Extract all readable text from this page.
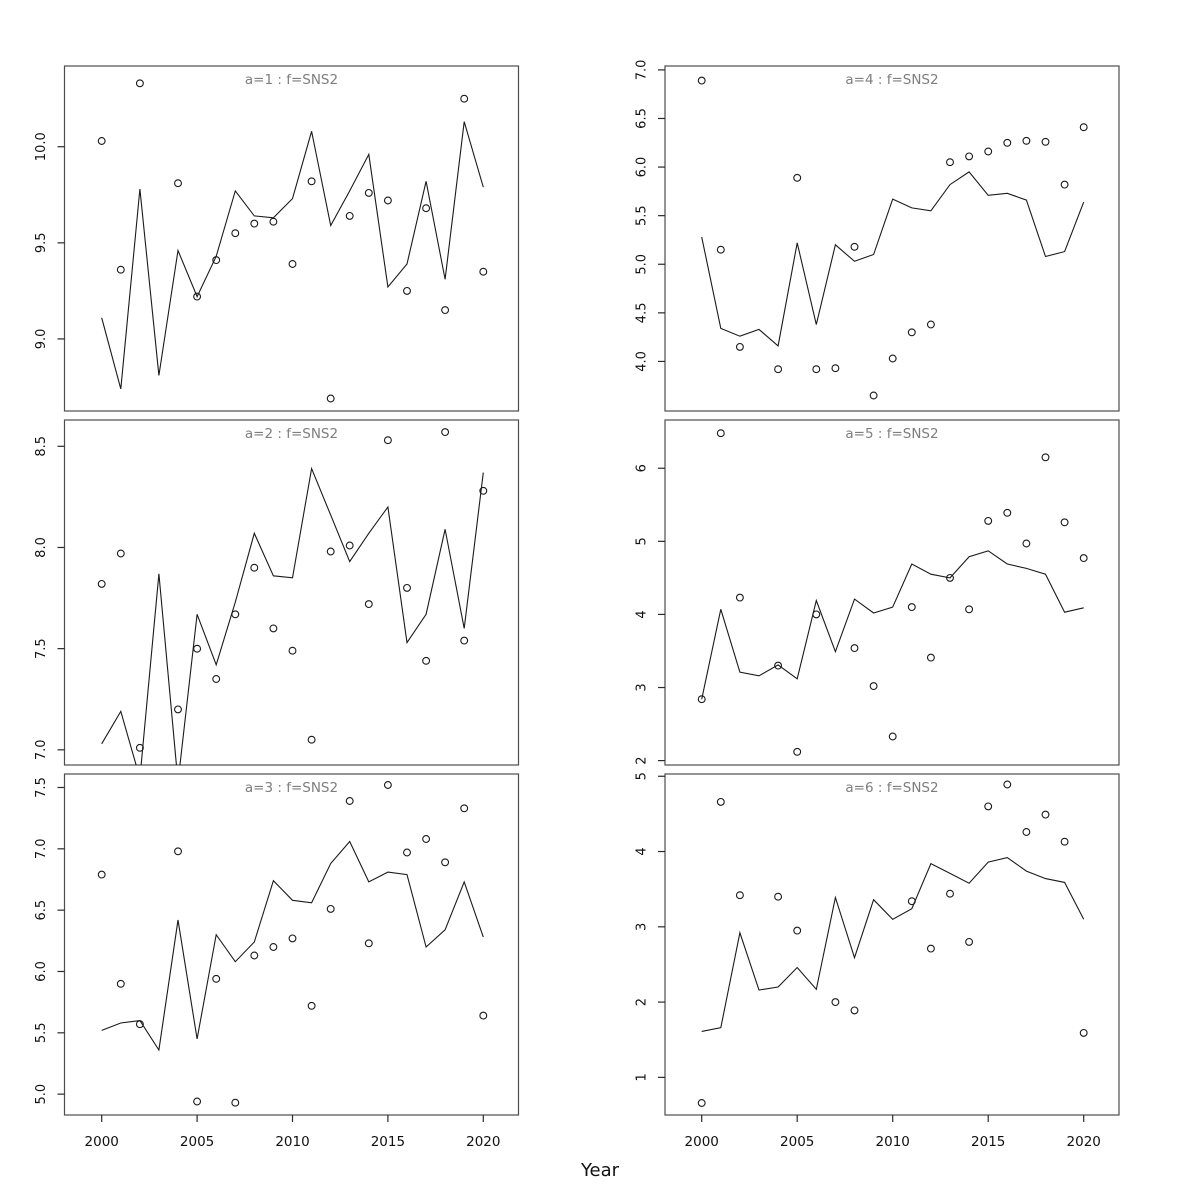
a=1 : f=SNS2
9.0
9.5
10.0
a=2 : f=SNS2
7.0
7.5
8.0
8.5
a=3 : f=SNS2
5.0
5.5
6.0
6.5
7.0
7.5
2000	2005	2010	2015	2020
a=4 : f=SNS2
4.0
4.5
5.0
5.5
6.0
6.5
7.0
a=5 : f=SNS2
2
3
4
5
6
a=6 : f=SNS2
1
2
3
4
5
2000	2005	2010	2015	2020
Year
